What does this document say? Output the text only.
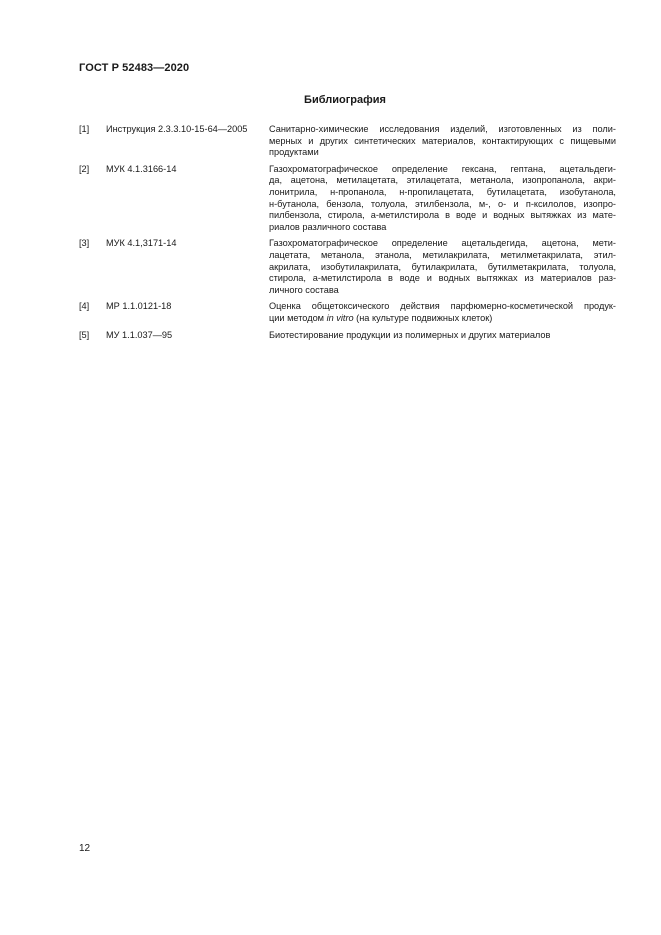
ГОСТ Р 52483—2020
Библиография
[1]	Инструкция 2.3.3.10-15-64—2005	Санитарно-химические исследования изделий, изготовленных из поли-
мерных и других синтетических материалов, контактирующих с пищевыми
продуктами
[2]	МУК 4.1.3166-14	Газохроматографическое определение гексана, гептана, ацетальдеги-
да, ацетона, метилацетата, этилацетата, метанола, изопропанола, акри-
лонитрила, н-пропанола, н-пропилацетата, бутилацетата, изобутанола,
н-бутанола, бензола, толуола, этилбензола, м-, о- и п-ксилолов, изопро-
пилбензола, стирола, а-метилстирола в воде и водных вытяжках из мате-
риалов различного состава
[3]	МУК 4.1,3171-14	Газохроматографическое определение ацетальдегида, ацетона, мети-
лацетата, метанола, этанола, метилакрилата, метилметакрилата, этил-
акрилата, изобутилакрилата, бутилакрилата, бутилметакрилата, толуола,
стирола, а-метилстирола в воде и водных вытяжках из материалов раз-
личного состава
[4]	МР 1.1.0121-18	Оценка общетоксического действия парфюмерно-косметической продук-
ции методом in vitro (на культуре подвижных клеток)
[5]	МУ 1.1.037—95	Биотестирование продукции из полимерных и других материалов
12
